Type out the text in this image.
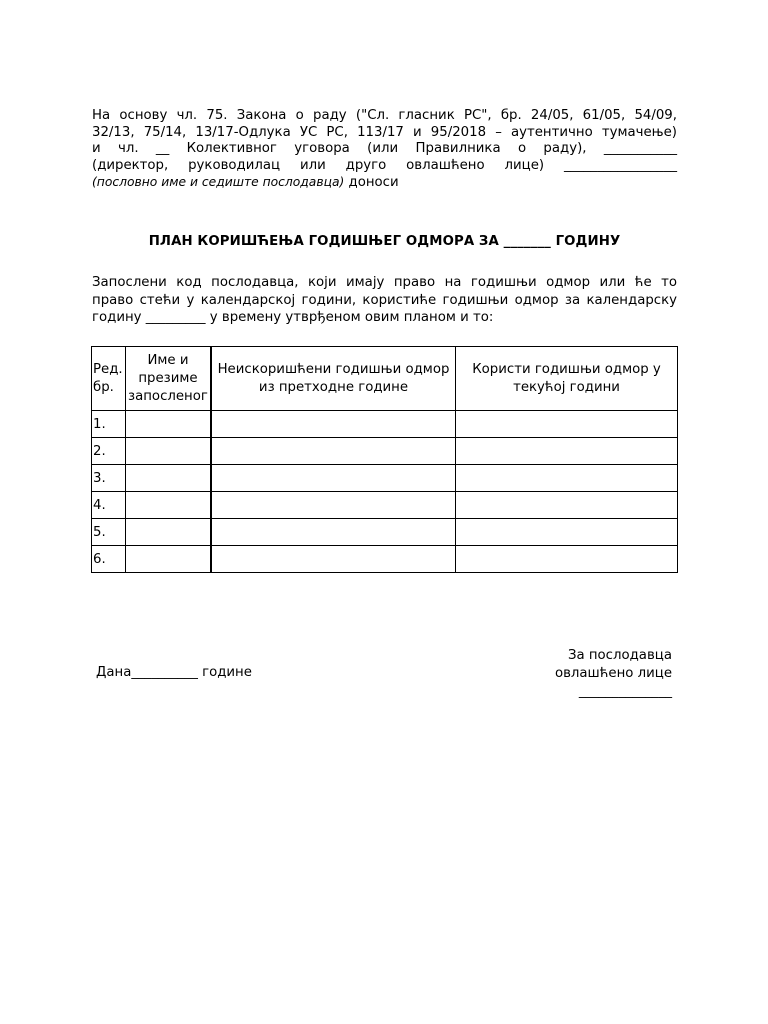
На основу чл. 75. Закона о раду ("Сл. гласник РС", бр. 24/05, 61/05, 54/09,
32/13, 75/14, 13/17-Одлука УС РС, 113/17 и 95/2018 – аутентично тумачење)
и чл. __ Колективног уговора (или Правилника о раду), ___________
(директор, руководилац или друго овлашћено лице) _________________
(пословно име и седиште послодавца) доноси
ПЛАН КОРИШЋЕЊА ГОДИШЊЕГ ОДМОРА ЗА _______ ГОДИНУ
Запослени код послодавца, који имају право на годишњи одмор или ће то
право стећи у календарској години, користиће годишњи одмор за календарску
годину _________ у времену утврђеном овим планом и то:
Ред. бр.	Име и презиме запосленог	Неискоришћени годишњи одмор из претходне године	Користи годишњи одмор у текућој години
1.			
2.			
3.			
4.			
5.			
6.			
Дана__________ године
За послодавца
овлашћено лице
______________
